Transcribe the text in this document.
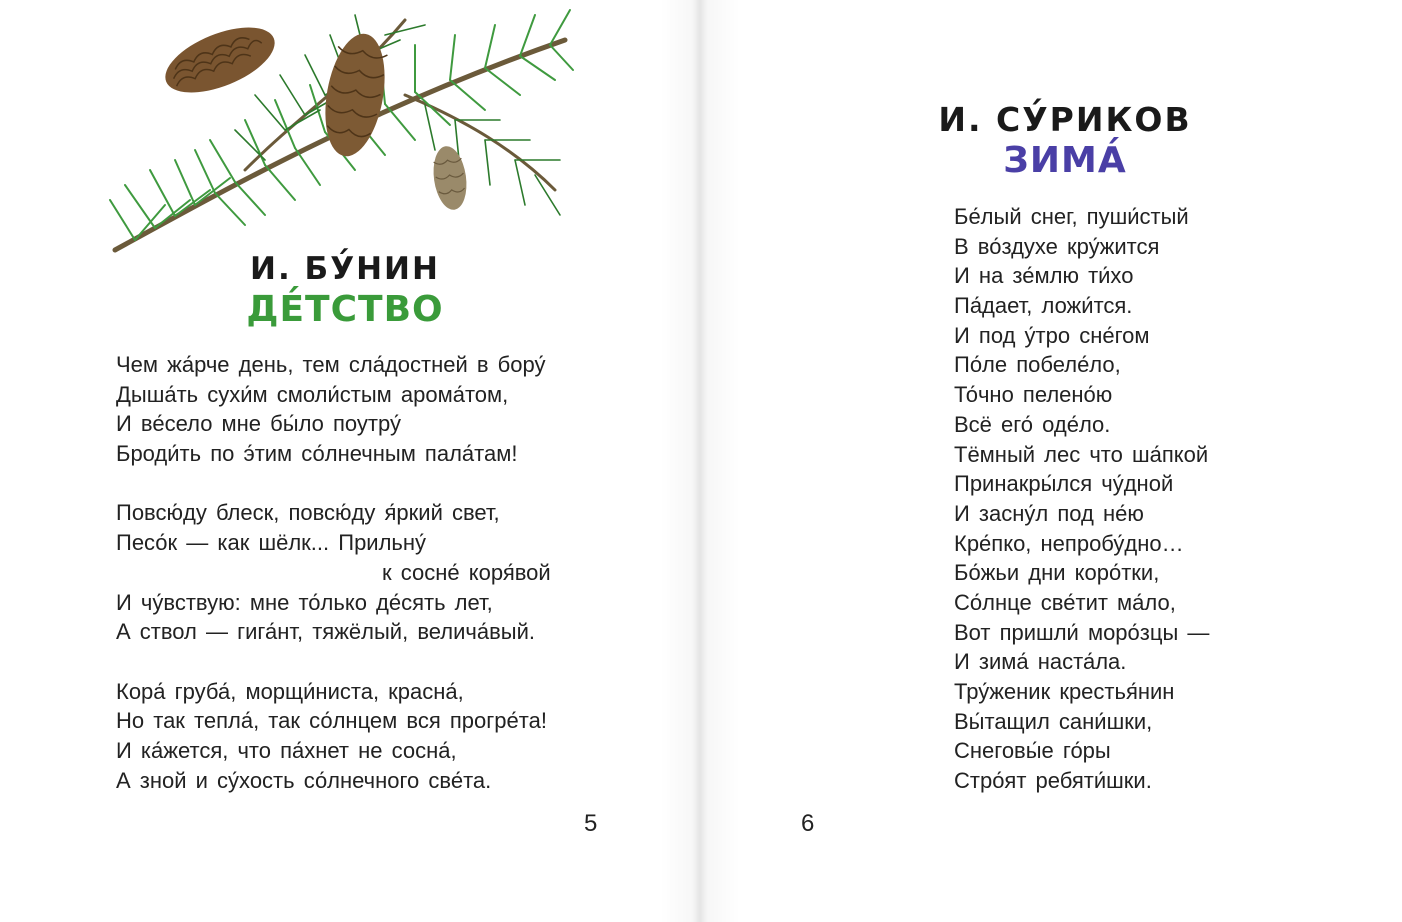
И. БУ́НИН
ДЕ́ТСТВО
Чем жа́рче день, тем сла́достней в бору́
Дыша́ть сухи́м смоли́стым арома́том,
И ве́село мне бы́ло поутру́
Броди́ть по э́тим со́лнечным пала́там!
Повсю́ду блеск, повсю́ду я́ркий свет,
Песо́к — как шёлк... Прильну́
к сосне́ коря́вой
И чу́вствую: мне то́лько де́сять лет,
А ствол — гига́нт, тяжёлый, велича́вый.
Кора́ груба́, морщи́ниста, красна́,
Но так тепла́, так со́лнцем вся прогре́та!
И ка́жется, что па́хнет не сосна́,
А зной и су́хость со́лнечного све́та.
5
И. СУ́РИКОВ
ЗИМА́
Бе́лый снег, пуши́стый
В во́здухе кру́жится
И на зе́млю ти́хо
Па́дает, ложи́тся.
И под у́тро сне́гом
По́ле побеле́ло,
То́чно пелено́ю
Всё его́ оде́ло.
Тёмный лес что ша́пкой
Принакры́лся чу́дной
И засну́л под не́ю
Кре́пко, непробу́дно…
Бо́жьи дни коро́тки,
Со́лнце све́тит ма́ло,
Вот пришли́ моро́зцы —
И зима́ наста́ла.
Тру́женик крестья́нин
Вы́тащил сани́шки,
Снеговы́е го́ры
Стро́ят ребяти́шки.
6
